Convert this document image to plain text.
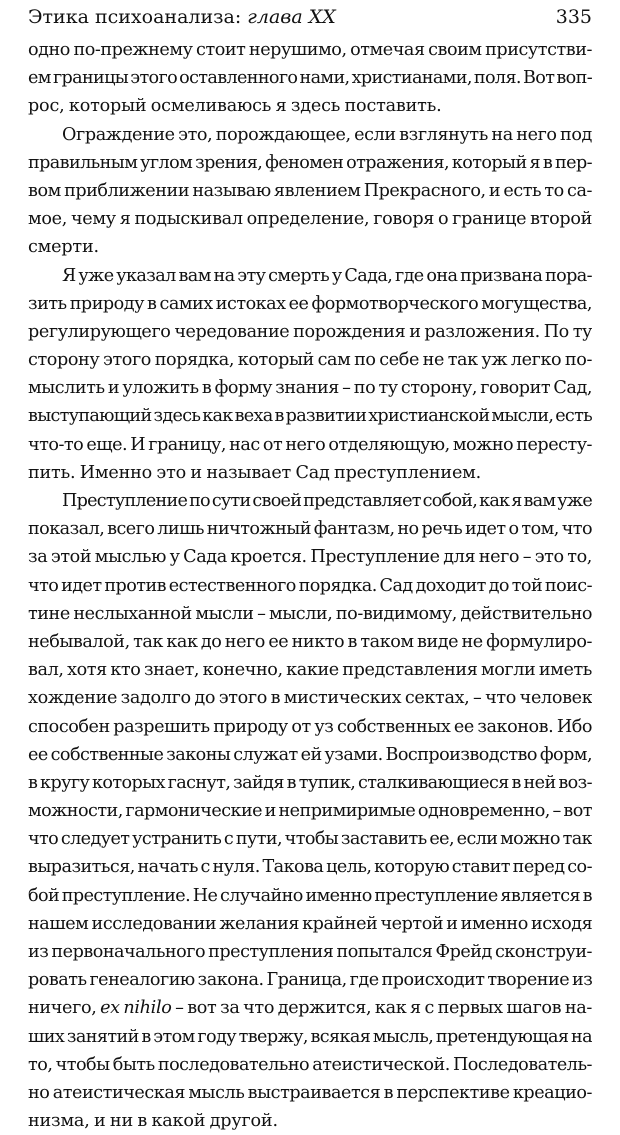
Этика психоанализа: глава XX	335
одно по-прежнему стоит нерушимо, отмечая своим присутстви-
ем границы этого оставленного нами, христианами, поля. Вот воп-
рос, который осмеливаюсь я здесь поставить.
Ограждение это, порождающее, если взглянуть на него под
правильным углом зрения, феномен отражения, который я в пер-
вом приближении называю явлением Прекрасного, и есть то са-
мое, чему я подыскивал определение, говоря о границе второй
смерти.
Я уже указал вам на эту смерть у Сада, где она призвана пора-
зить природу в самих истоках ее формотворческого могущества,
регулирующего чередование порождения и разложения. По ту
сторону этого порядка, который сам по себе не так уж легко по-
мыслить и уложить в форму знания – по ту сторону, говорит Сад,
выступающий здесь как веха в развитии христианской мысли, есть
что-то еще. И границу, нас от него отделяющую, можно пересту-
пить. Именно это и называет Сад преступлением.
Преступление по сути своей представляет собой, как я вам уже
показал, всего лишь ничтожный фантазм, но речь идет о том, что
за этой мыслью у Сада кроется. Преступление для него – это то,
что идет против естественного порядка. Сад доходит до той поис-
тине неслыханной мысли – мысли, по-видимому, действительно
небывалой, так как до него ее никто в таком виде не формулиро-
вал, хотя кто знает, конечно, какие представления могли иметь
хождение задолго до этого в мистических сектах, – что человек
способен разрешить природу от уз собственных ее законов. Ибо
ее собственные законы служат ей узами. Воспроизводство форм,
в кругу которых гаснут, зайдя в тупик, сталкивающиеся в ней воз-
можности, гармонические и непримиримые одновременно, – вот
что следует устранить с пути, чтобы заставить ее, если можно так
выразиться, начать с нуля. Такова цель, которую ставит перед со-
бой преступление. Не случайно именно преступление является в
нашем исследовании желания крайней чертой и именно исходя
из первоначального преступления попытался Фрейд сконструи-
ровать генеалогию закона. Граница, где происходит творение из
ничего, ex nihilo – вот за что держится, как я с первых шагов на-
ших занятий в этом году твержу, всякая мысль, претендующая на
то, чтобы быть последовательно атеистической. Последователь-
но атеистическая мысль выстраивается в перспективе креацио-
низма, и ни в какой другой.
